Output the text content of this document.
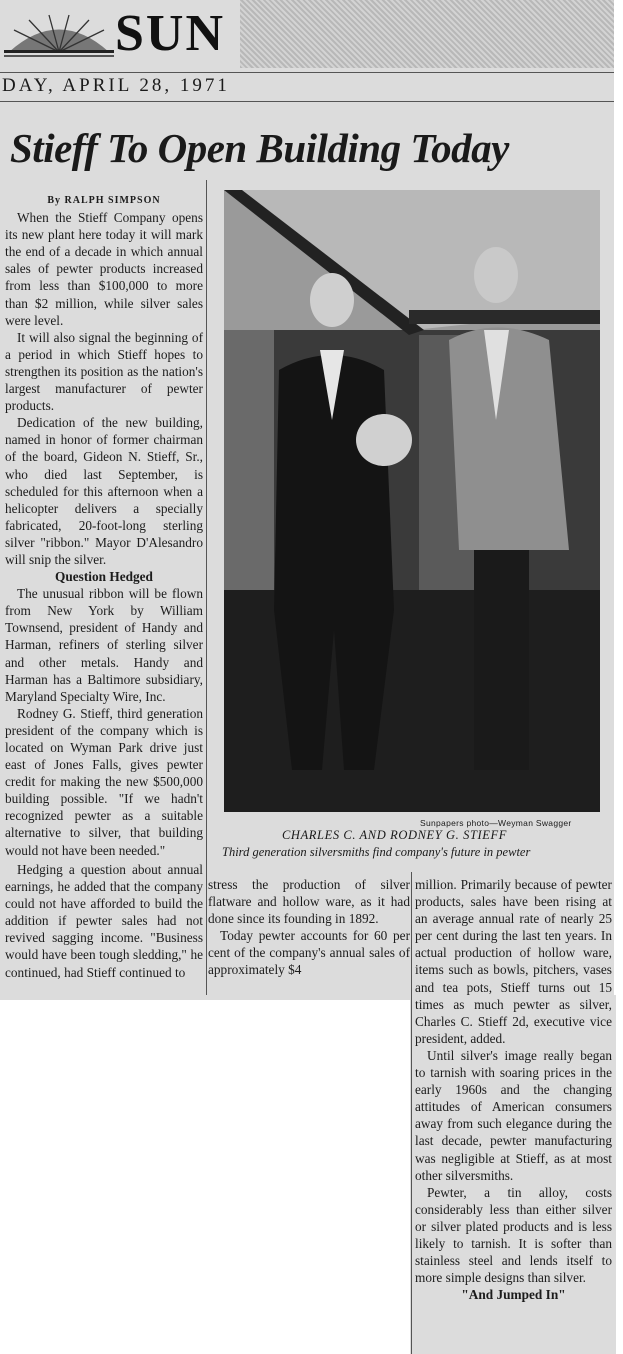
SUN
DAY, APRIL 28, 1971
Stieff To Open Building Today

By RALPH SIMPSON

When the Stieff Company opens its new plant here today it will mark the end of a decade in which annual sales of pewter products increased from less than $100,000 to more than $2 million, while silver sales were level.

It will also signal the beginning of a period in which Stieff hopes to strengthen its position as the nation's largest manufacturer of pewter products.

Dedication of the new building, named in honor of former chairman of the board, Gideon N. Stieff, Sr., who died last September, is scheduled for this afternoon when a helicopter delivers a specially fabricated, 20-foot-long sterling silver "ribbon." Mayor D'Alesandro will snip the silver.

Question Hedged

The unusual ribbon will be flown from New York by William Townsend, president of Handy and Harman, refiners of sterling silver and other metals. Handy and Harman has a Baltimore subsidiary, Maryland Specialty Wire, Inc.

Rodney G. Stieff, third generation president of the company which is located on Wyman Park drive just east of Jones Falls, gives pewter credit for making the new $500,000 building possible. "If we hadn't recognized pewter as a suitable alternative to silver, that building would not have been needed."

Hedging a question about annual earnings, he added that the company could not have afforded to build the addition if pewter sales had not revived sagging income. "Business would have been tough sledding," he continued, had Stieff continued to

Sunpapers photo—Weyman Swagger
CHARLES C. AND RODNEY G. STIEFF
Third generation silversmiths find company's future in pewter

stress the production of silver flatware and hollow ware, as it had done since its founding in 1892.

Today pewter accounts for 60 per cent of the company's annual sales of approximately $4

million. Primarily because of pewter products, sales have been rising at an average annual rate of nearly 25 per cent during the last ten years. In actual production of hollow ware, items such as bowls, pitchers, vases and tea pots, Stieff turns out 15 times as much pewter as silver, Charles C. Stieff 2d, executive vice president, added.

Until silver's image really began to tarnish with soaring prices in the early 1960s and the changing attitudes of American consumers away from such elegance during the last decade, pewter manufacturing was negligible at Stieff, as at most other silversmiths.

Pewter, a tin alloy, costs considerably less than either silver or silver plated products and is less likely to tarnish. It is softer than stainless steel and lends itself to more simple designs than silver.

"And Jumped In"
